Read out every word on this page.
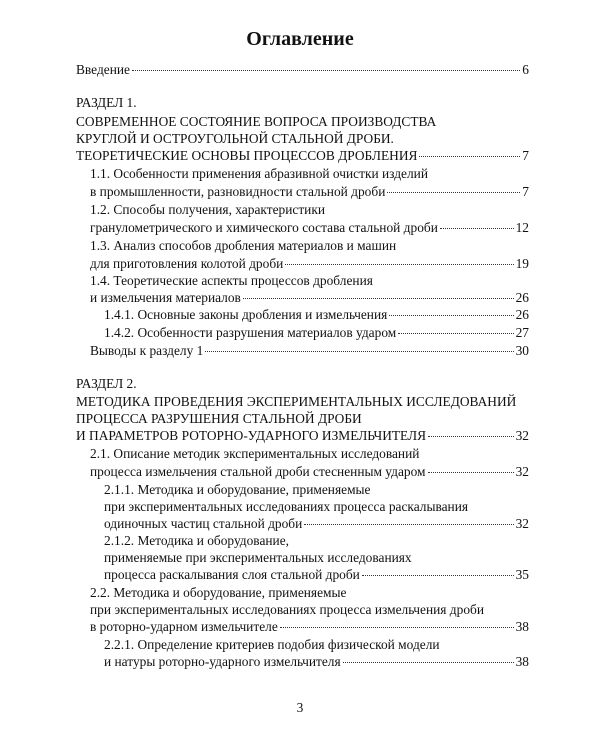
Оглавление
Введение	6
РАЗДЕЛ 1.
СОВРЕМЕННОЕ СОСТОЯНИЕ ВОПРОСА ПРОИЗВОДСТВА
КРУГЛОЙ И ОСТРОУГОЛЬНОЙ СТАЛЬНОЙ ДРОБИ.
ТЕОРЕТИЧЕСКИЕ ОСНОВЫ ПРОЦЕССОВ ДРОБЛЕНИЯ	7
1.1. Особенности применения абразивной очистки изделий
в промышленности, разновидности стальной дроби	7
1.2. Способы получения, характеристики
гранулометрического и химического состава стальной дроби	12
1.3. Анализ способов дробления материалов и машин
для приготовления колотой дроби	19
1.4. Теоретические аспекты процессов дробления
и измельчения материалов	26
1.4.1. Основные законы дробления и измельчения	26
1.4.2. Особенности разрушения материалов ударом	27
Выводы к разделу 1	30
РАЗДЕЛ 2.
МЕТОДИКА ПРОВЕДЕНИЯ ЭКСПЕРИМЕНТАЛЬНЫХ ИССЛЕДОВАНИЙ
ПРОЦЕССА РАЗРУШЕНИЯ СТАЛЬНОЙ ДРОБИ
И ПАРАМЕТРОВ РОТОРНО-УДАРНОГО ИЗМЕЛЬЧИТЕЛЯ	32
2.1. Описание методик экспериментальных исследований
процесса измельчения стальной дроби стесненным ударом	32
2.1.1. Методика и оборудование, применяемые
при экспериментальных исследованиях процесса раскалывания
одиночных частиц стальной дроби	32
2.1.2. Методика и оборудование,
применяемые при экспериментальных исследованиях
процесса раскалывания слоя стальной дроби	35
2.2. Методика и оборудование, применяемые
при экспериментальных исследованиях процесса измельчения дроби
в роторно-ударном измельчителе	38
2.2.1. Определение критериев подобия физической модели
и натуры роторно-ударного измельчителя	38
3
